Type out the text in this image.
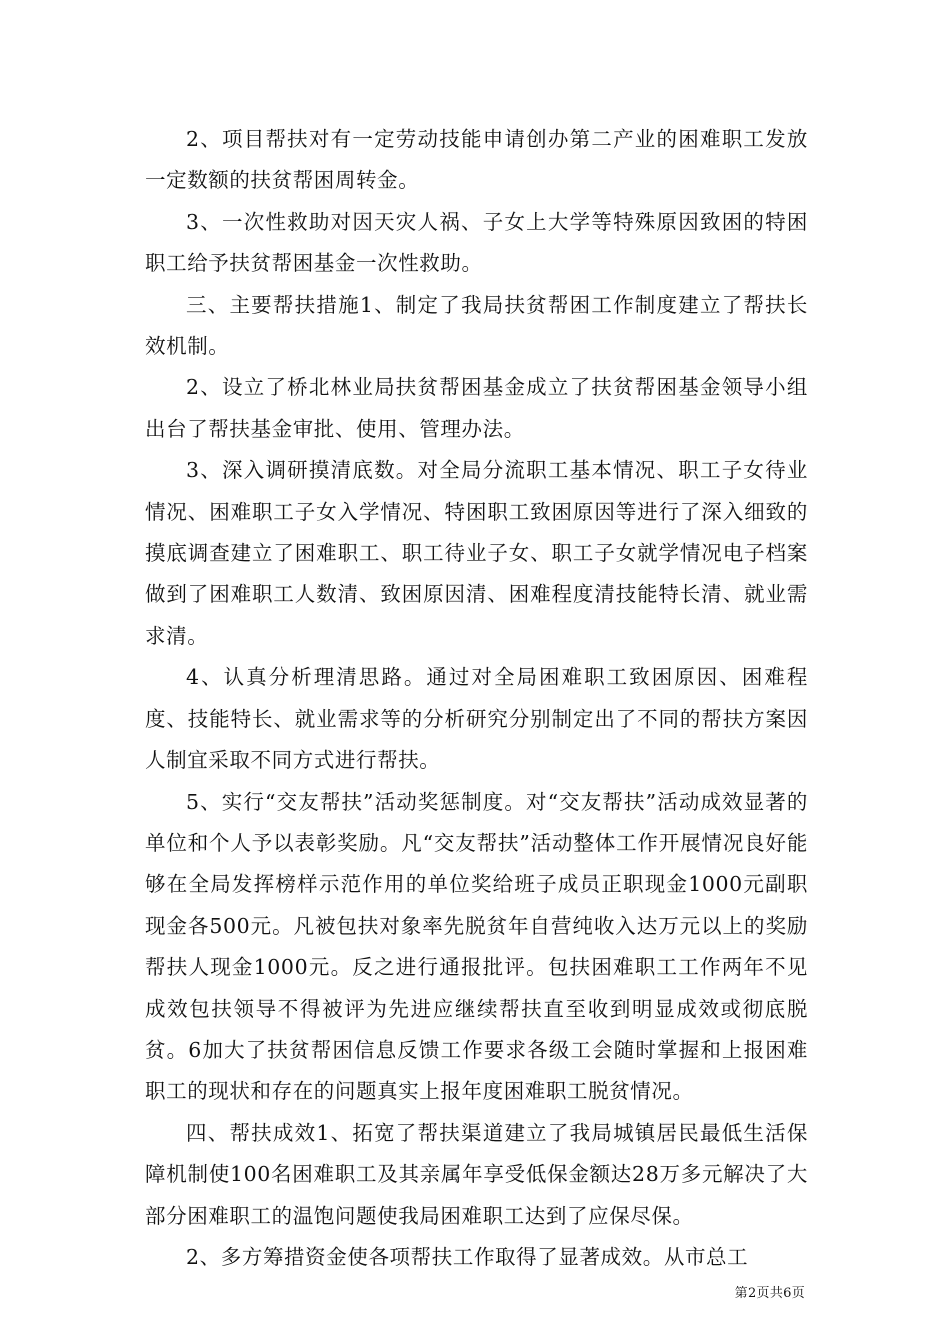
2、项目帮扶对有一定劳动技能申请创办第二产业的困难职工发放一定数额的扶贫帮困周转金。

3、一次性救助对因天灾人祸、子女上大学等特殊原因致困的特困职工给予扶贫帮困基金一次性救助。

三、主要帮扶措施1、制定了我局扶贫帮困工作制度建立了帮扶长效机制。

2、设立了桥北林业局扶贫帮困基金成立了扶贫帮困基金领导小组出台了帮扶基金审批、使用、管理办法。

3、深入调研摸清底数。对全局分流职工基本情况、职工子女待业情况、困难职工子女入学情况、特困职工致困原因等进行了深入细致的摸底调查建立了困难职工、职工待业子女、职工子女就学情况电子档案做到了困难职工人数清、致困原因清、困难程度清技能特长清、就业需求清。

4、认真分析理清思路。通过对全局困难职工致困原因、困难程度、技能特长、就业需求等的分析研究分别制定出了不同的帮扶方案因人制宜采取不同方式进行帮扶。

5、实行“交友帮扶”活动奖惩制度。对“交友帮扶”活动成效显著的单位和个人予以表彰奖励。凡“交友帮扶”活动整体工作开展情况良好能够在全局发挥榜样示范作用的单位奖给班子成员正职现金1000元副职现金各500元。凡被包扶对象率先脱贫年自营纯收入达万元以上的奖励帮扶人现金1000元。反之进行通报批评。包扶困难职工工作两年不见成效包扶领导不得被评为先进应继续帮扶直至收到明显成效或彻底脱贫。6加大了扶贫帮困信息反馈工作要求各级工会随时掌握和上报困难职工的现状和存在的问题真实上报年度困难职工脱贫情况。

四、帮扶成效1、拓宽了帮扶渠道建立了我局城镇居民最低生活保障机制使100名困难职工及其亲属年享受低保金额达28万多元解决了大部分困难职工的温饱问题使我局困难职工达到了应保尽保。

2、多方筹措资金使各项帮扶工作取得了显著成效。从市总工

第2页共6页
